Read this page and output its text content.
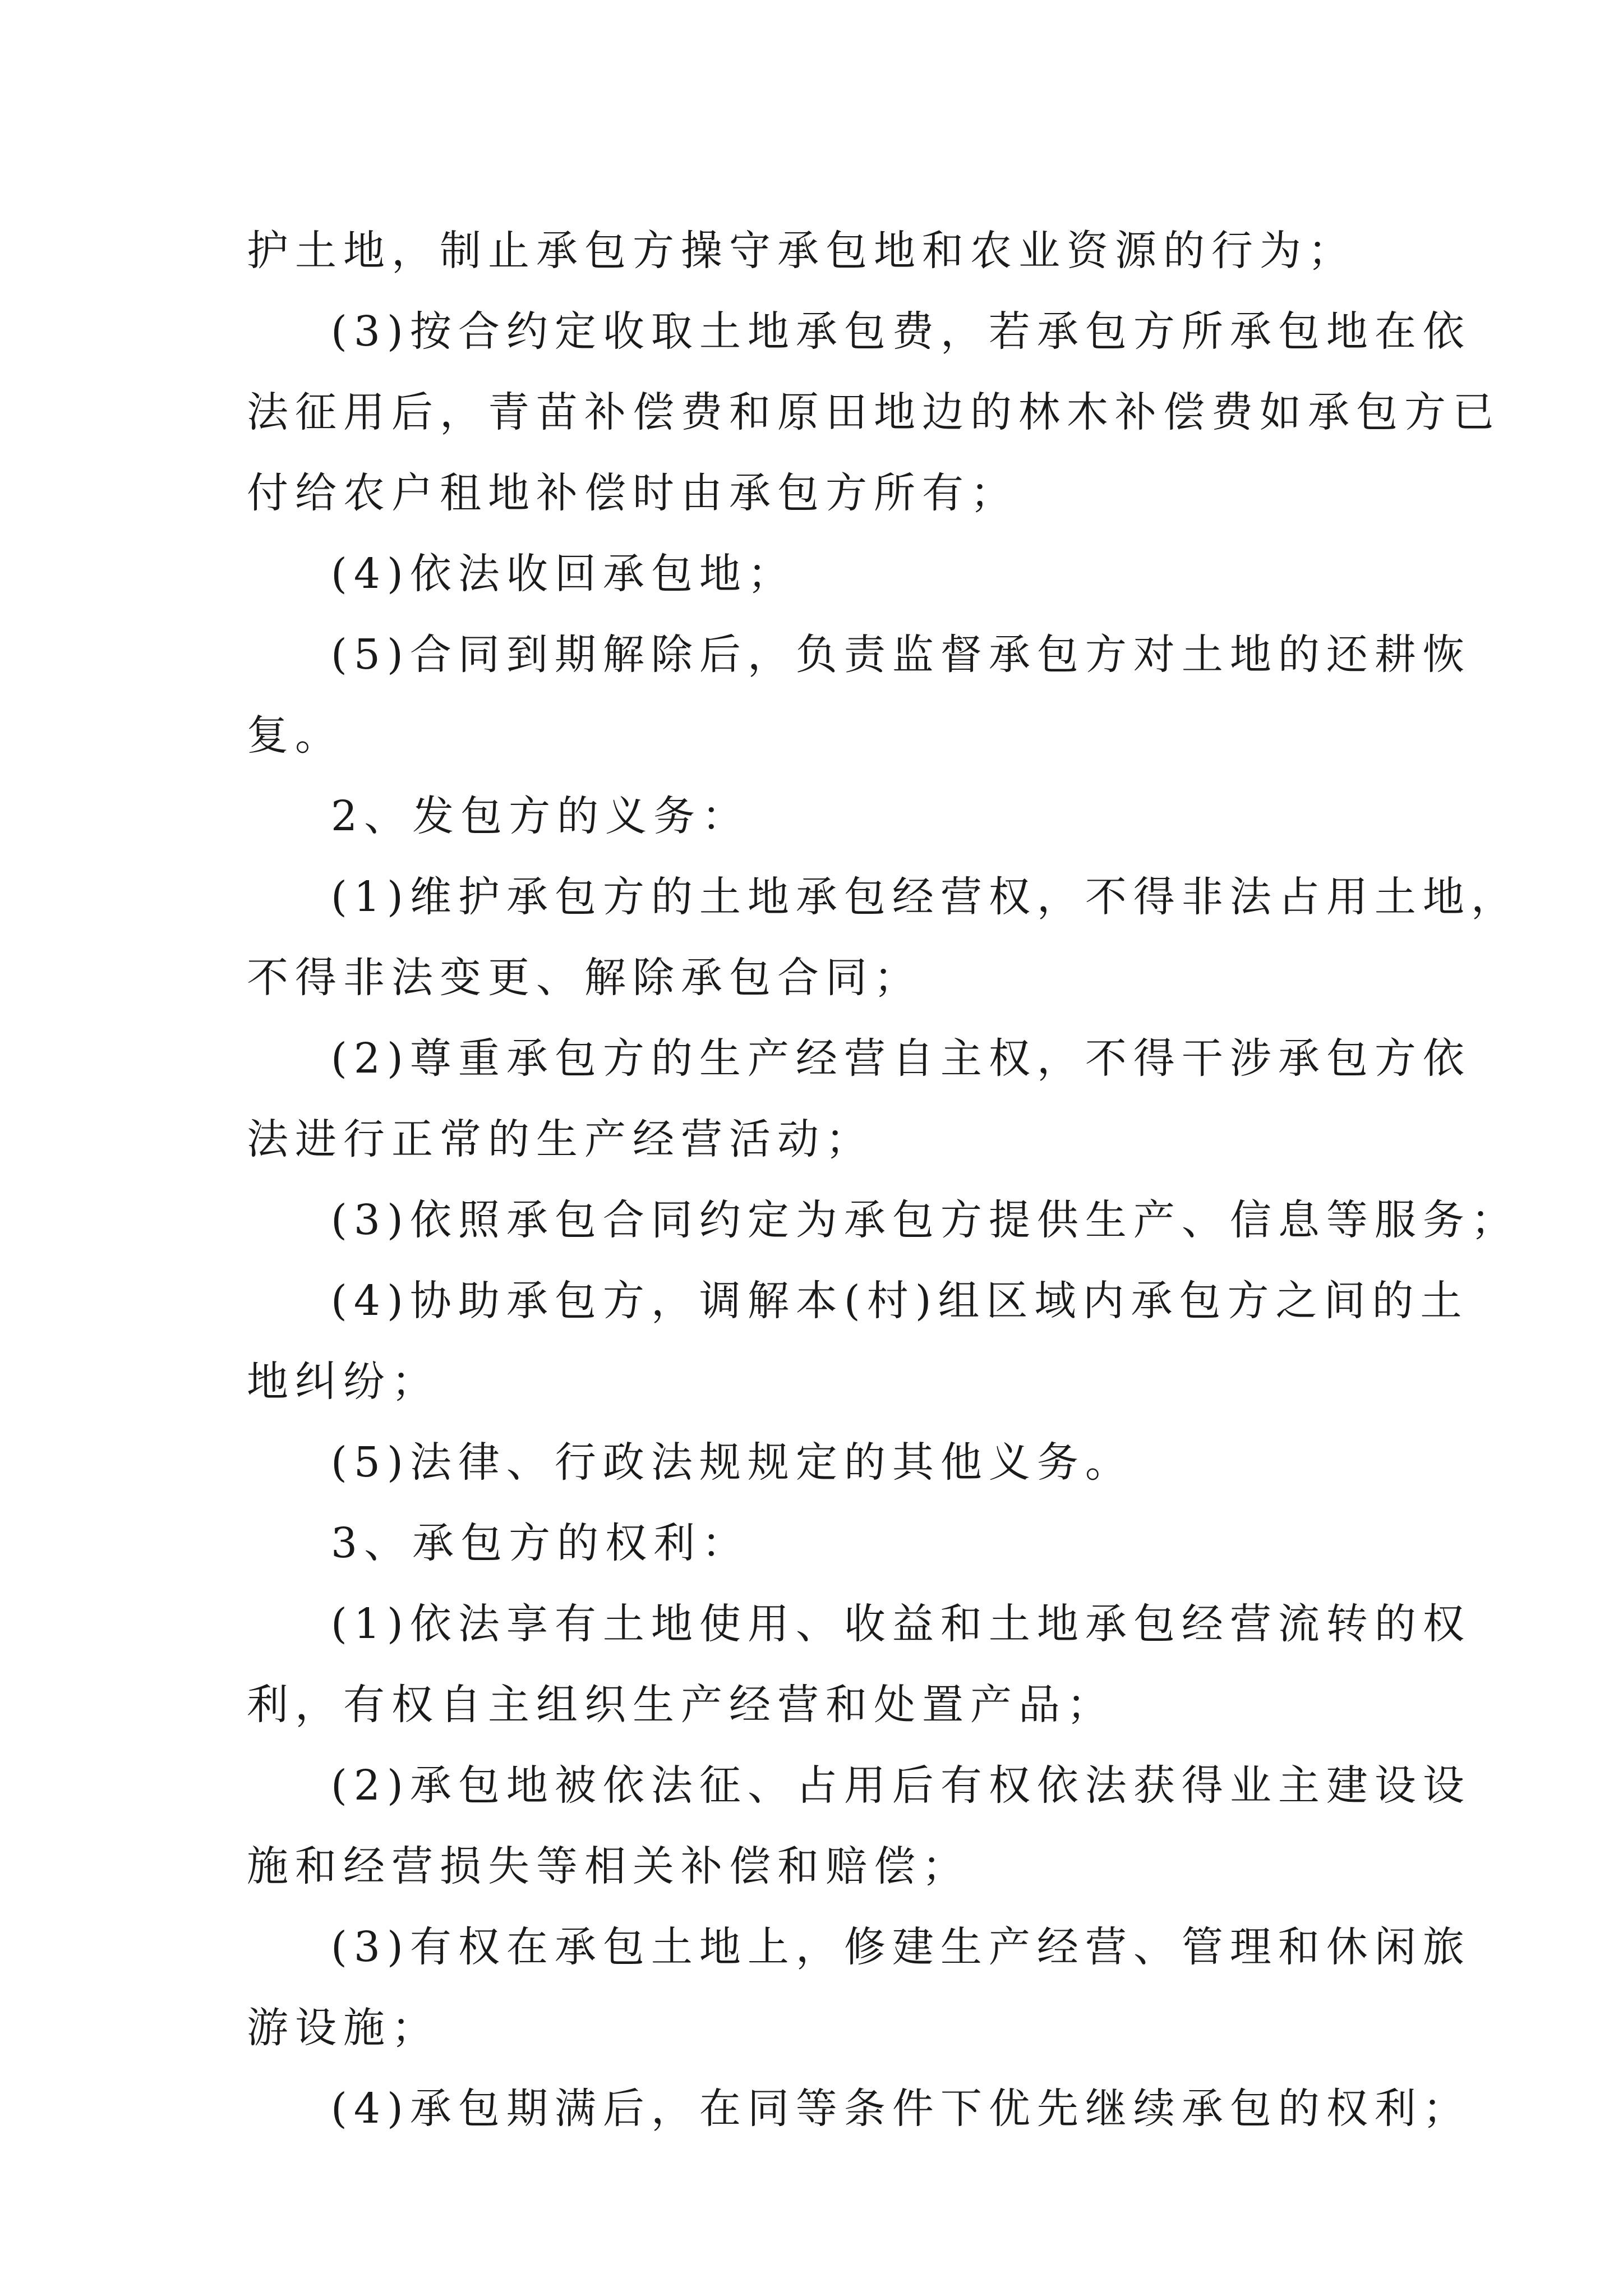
护土地，制止承包方操守承包地和农业资源的行为；
(3)按合约定收取土地承包费，若承包方所承包地在依
法征用后，青苗补偿费和原田地边的林木补偿费如承包方已
付给农户租地补偿时由承包方所有；
(4)依法收回承包地；
(5)合同到期解除后，负责监督承包方对土地的还耕恢
复。
2、发包方的义务：
(1)维护承包方的土地承包经营权，不得非法占用土地，
不得非法变更、解除承包合同；
(2)尊重承包方的生产经营自主权，不得干涉承包方依
法进行正常的生产经营活动；
(3)依照承包合同约定为承包方提供生产、信息等服务；
(4)协助承包方，调解本(村)组区域内承包方之间的土
地纠纷；
(5)法律、行政法规规定的其他义务。
3、承包方的权利：
(1)依法享有土地使用、收益和土地承包经营流转的权
利，有权自主组织生产经营和处置产品；
(2)承包地被依法征、占用后有权依法获得业主建设设
施和经营损失等相关补偿和赔偿；
(3)有权在承包土地上，修建生产经营、管理和休闲旅
游设施；
(4)承包期满后，在同等条件下优先继续承包的权利；
